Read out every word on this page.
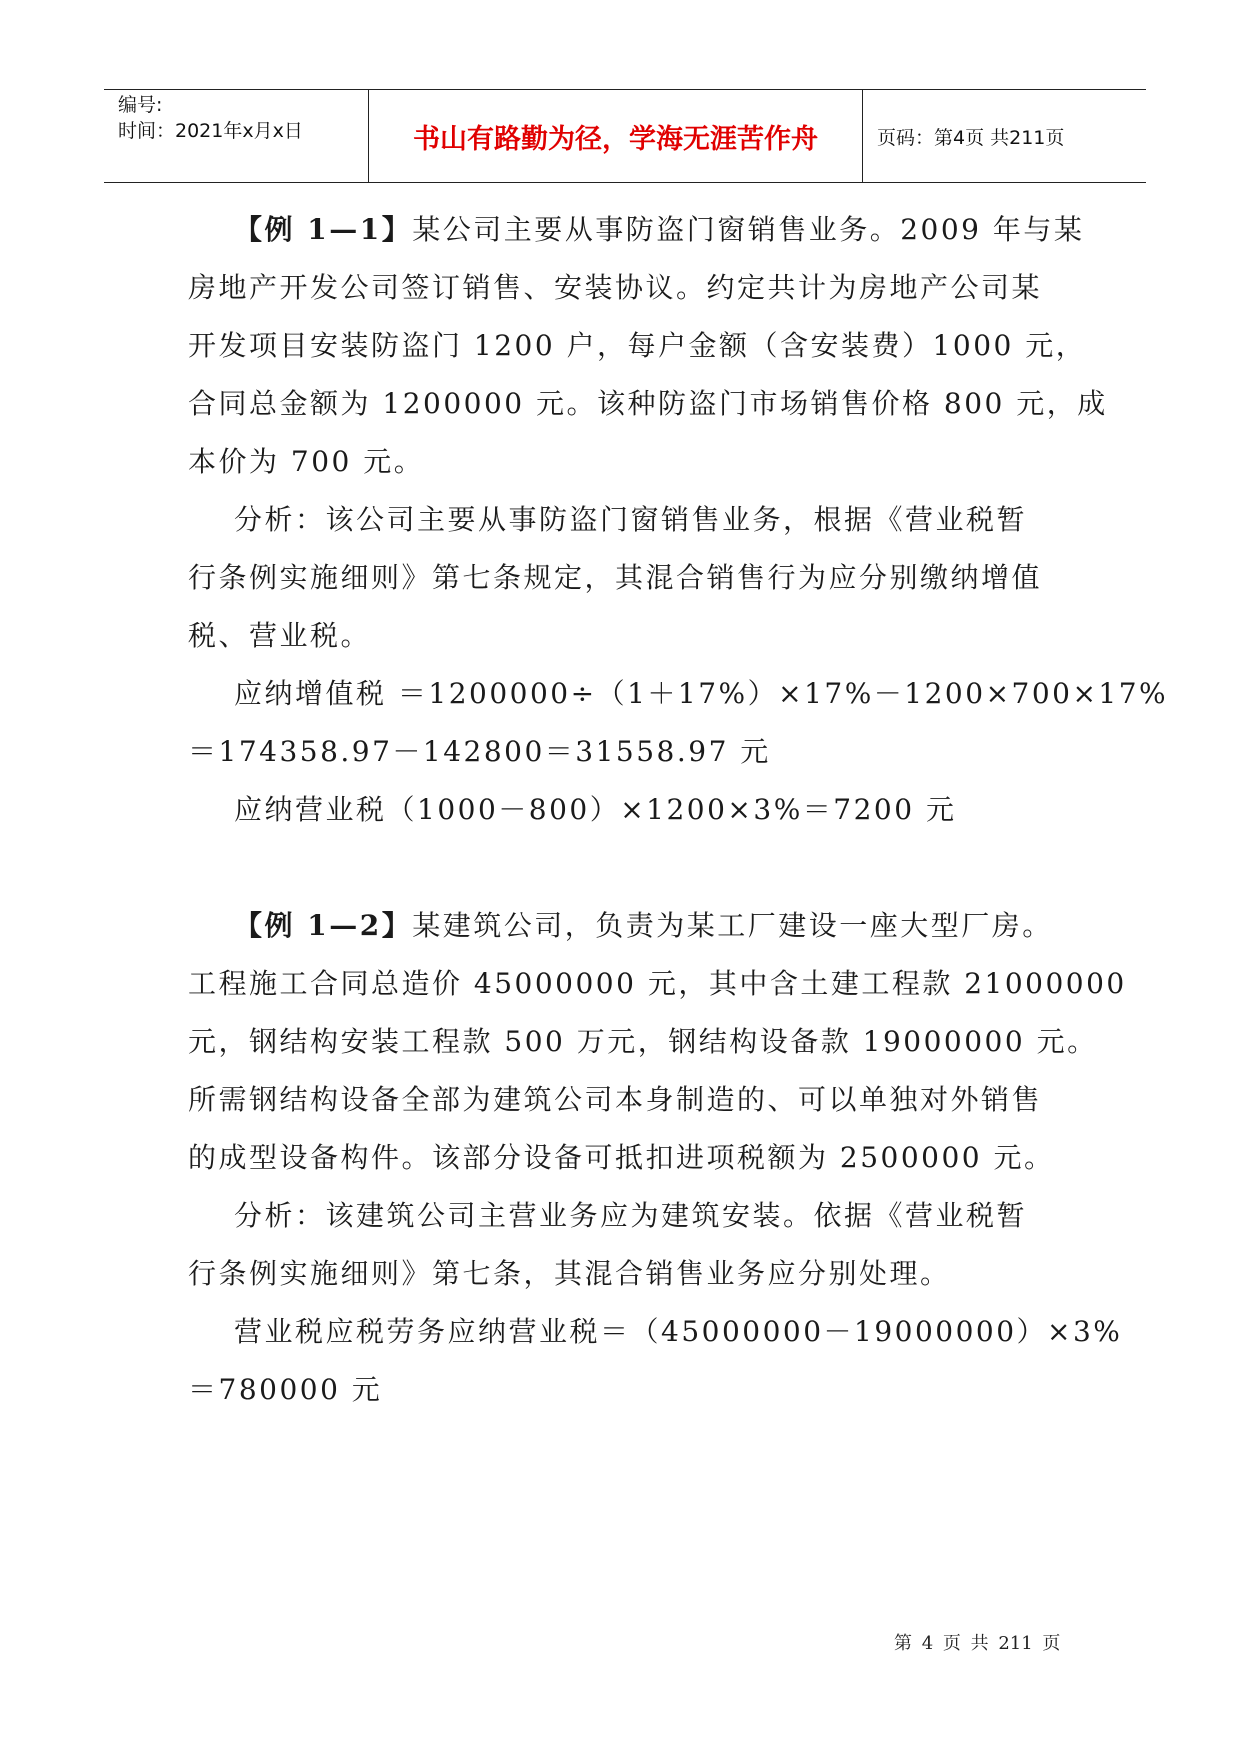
编号:
时间：2021年x月x日	书山有路勤为径，学海无涯苦作舟	页码：第4页 共211页
【例 1—1】某公司主要从事防盗门窗销售业务。2009 年与某
房地产开发公司签订销售、安装协议。约定共计为房地产公司某
开发项目安装防盗门 1200 户，每户金额（含安装费）1000 元，
合同总金额为 1200000 元。该种防盗门市场销售价格 800 元，成
本价为 700 元。
分析：该公司主要从事防盗门窗销售业务，根据《营业税暂
行条例实施细则》第七条规定，其混合销售行为应分别缴纳增值
税、营业税。
应纳增值税 ＝1200000÷（1＋17%）×17%－1200×700×17%
＝174358.97－142800＝31558.97 元
应纳营业税（1000－800）×1200×3%＝7200 元
【例 1—2】某建筑公司，负责为某工厂建设一座大型厂房。
工程施工合同总造价 45000000 元，其中含土建工程款 21000000
元，钢结构安装工程款 500 万元，钢结构设备款 19000000 元。
所需钢结构设备全部为建筑公司本身制造的、可以单独对外销售
的成型设备构件。该部分设备可抵扣进项税额为 2500000 元。
分析：该建筑公司主营业务应为建筑安装。依据《营业税暂
行条例实施细则》第七条，其混合销售业务应分别处理。
营业税应税劳务应纳营业税＝（45000000－19000000）×3%
＝780000 元
第 4 页 共 211 页
